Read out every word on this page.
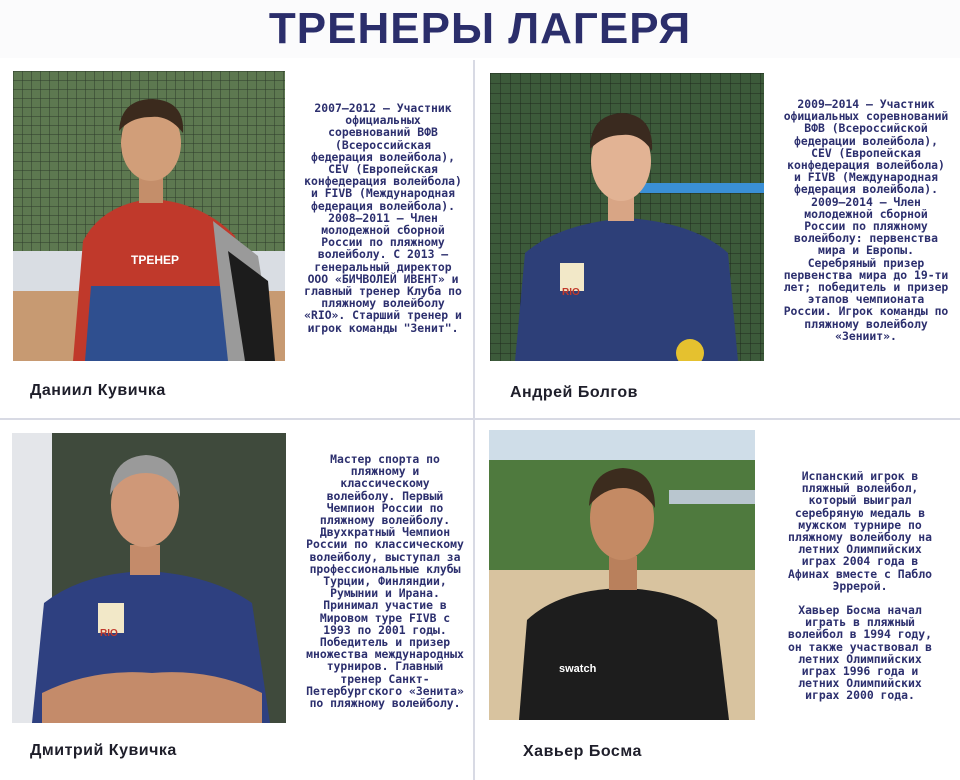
ТРЕНЕРЫ ЛАГЕРЯ
ТРЕНЕР
Даниил Кувичка

2007–2012 – Участник официальных соревнований ВФВ (Всероссийская федерация волейбола), CEV (Европейская конфедерация волейбола) и FIVB (Международная федерация волейбола). 2008–2011 – Член молодежной сборной России по пляжному волейболу. С 2013 – генеральный директор ООО «БИЧВОЛЕЙ ИВЕНТ» и главный тренер Клуба по пляжному волейболу «RIO». Старший тренер и игрок команды "Зенит".

RIO
Андрей Болгов

2009–2014 – Участник официальных соревнований ВФВ (Всероссийской федерации волейбола), CEV (Европейская конфедерация волейбола) и FIVB (Международная федерация волейбола). 2009–2014 – Член молодежной сборной России по пляжному волейболу: первенства мира и Европы. Серебряный призер первенства мира до 19-ти лет; победитель и призер этапов чемпионата России. Игрок команды по пляжному волейболу «Зениит».

RIO
Дмитрий Кувичка

Мастер спорта по пляжному и классическому волейболу. Первый Чемпион России по пляжному волейболу. Двухкратный Чемпион России по классическому волейболу, выступал за профессиональные клубы Турции, Финляндии, Румынии и Ирана. Принимал участие в Мировом туре FIVB с 1993 по 2001 годы. Победитель и призер множества международных турниров. Главный тренер Санкт-Петербургского «Зенита» по пляжному волейболу.

swatch
Хавьер Босма

Испанский игрок в пляжный волейбол, который выиграл серебряную медаль в мужском турнире по пляжному волейболу на летних Олимпийских играх 2004 года в Афинах вместе с Пабло Эррерой.

Хавьер Босма начал играть в пляжный волейбол в 1994 году, он также участвовал в летних Олимпийских играх 1996 года и летних Олимпийских играх 2000 года.
